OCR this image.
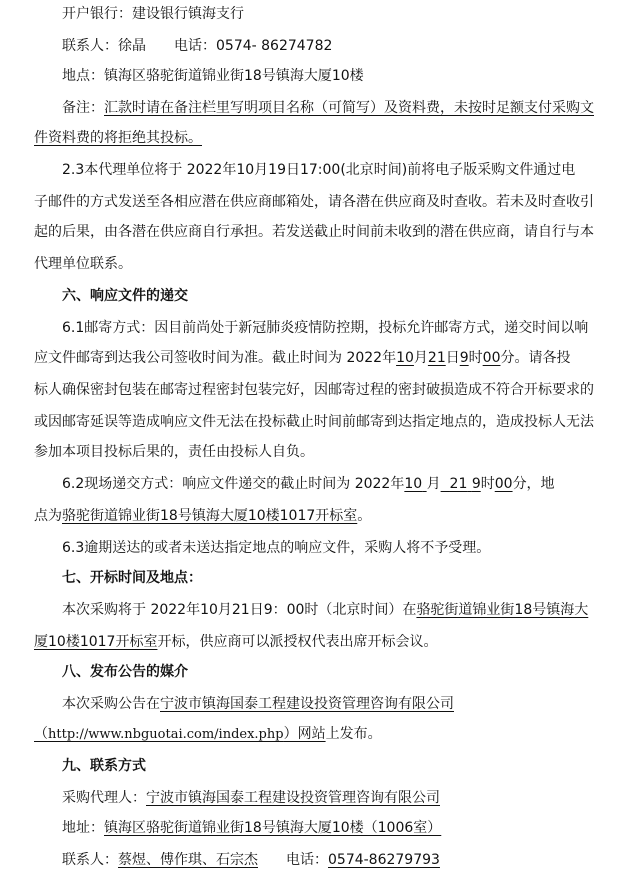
开户银行：建设银行镇海支行
联系人：徐晶 电话：0574- 86274782
地点：镇海区骆驼街道锦业街18号镇海大厦10楼
备注：汇款时请在备注栏里写明项目名称（可简写）及资料费，未按时足额支付采购文
件资料费的将拒绝其投标。
2.3本代理单位将于 2022年10月19日17:00(北京时间)前将电子版采购文件通过电
子邮件的方式发送至各相应潜在供应商邮箱处，请各潜在供应商及时查收。若未及时查收引
起的后果，由各潜在供应商自行承担。若发送截止时间前未收到的潜在供应商，请自行与本
代理单位联系。
六、响应文件的递交
6.1邮寄方式：因目前尚处于新冠肺炎疫情防控期，投标允许邮寄方式，递交时间以响
应文件邮寄到达我公司签收时间为准。截止时间为 2022年10月21日9时00分。请各投
标人确保密封包装在邮寄过程密封包装完好，因邮寄过程的密封破损造成不符合开标要求的
或因邮寄延误等造成响应文件无法在投标截止时间前邮寄到达指定地点的，造成投标人无法
参加本项目投标后果的，责任由投标人自负。
6.2现场递交方式：响应文件递交的截止时间为 2022年10 月 21 9时00分，地
点为骆驼街道锦业街18号镇海大厦10楼1017开标室。
6.3逾期送达的或者未送达指定地点的响应文件，采购人将不予受理。
七、开标时间及地点：
本次采购将于 2022年10月21日9：00时（北京时间）在骆驼街道锦业街18号镇海大
厦10楼1017开标室开标，供应商可以派授权代表出席开标会议。
八、发布公告的媒介
本次采购公告在宁波市镇海国泰工程建设投资管理咨询有限公司
（http://www.nbguotai.com/index.php）网站上发布。
九、联系方式
采购代理人：宁波市镇海国泰工程建设投资管理咨询有限公司
地址：镇海区骆驼街道锦业街18号镇海大厦10楼（1006室）
联系人：蔡煜、傅作琪、石宗杰 电话：0574-86279793
